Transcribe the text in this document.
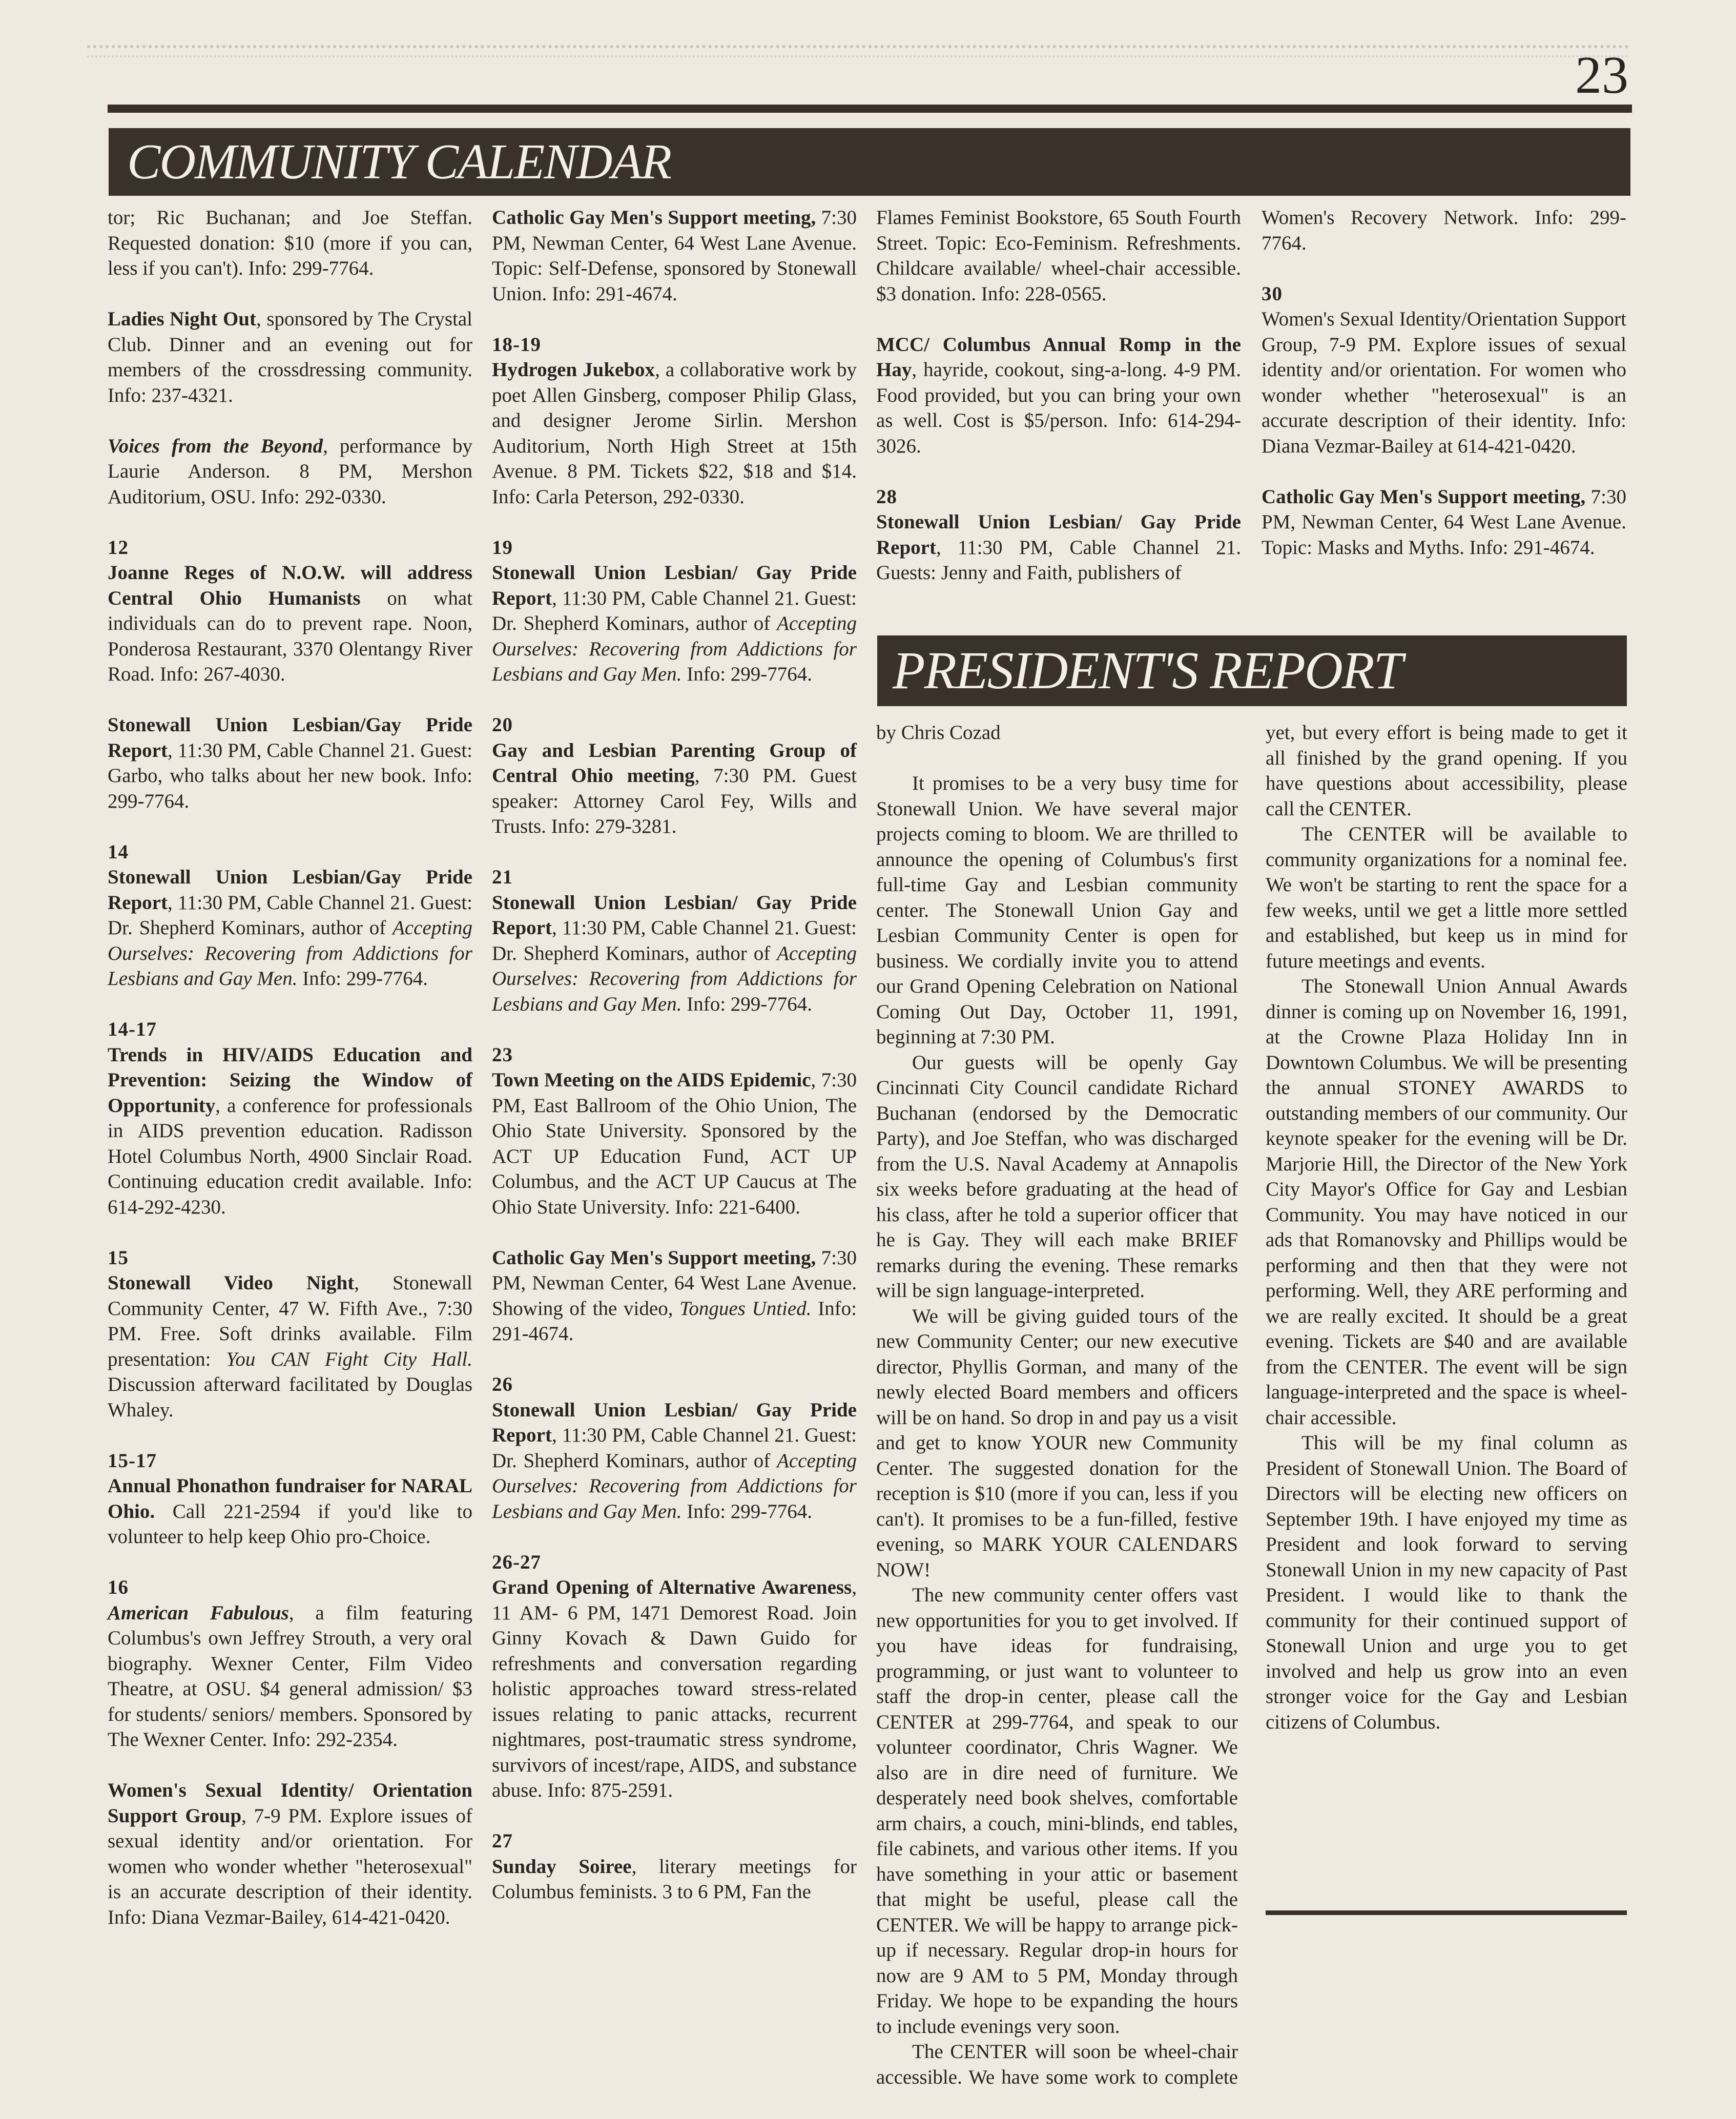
23
COMMUNITY CALENDAR
tor; Ric Buchanan; and Joe Steffan. Requested donation: $10 (more if you can, less if you can't). Info: 299-7764.
Ladies Night Out, sponsored by The Crystal Club. Dinner and an evening out for members of the crossdressing community. Info: 237-4321.
Voices from the Beyond, performance by Laurie Anderson. 8 PM, Mershon Auditorium, OSU. Info: 292-0330.
12
Joanne Reges of N.O.W. will address Central Ohio Humanists on what individuals can do to prevent rape. Noon, Ponderosa Restaurant, 3370 Olentangy River Road. Info: 267-4030.
Stonewall Union Lesbian/Gay Pride Report, 11:30 PM, Cable Channel 21. Guest: Garbo, who talks about her new book. Info: 299-7764.
14
Stonewall Union Lesbian/Gay Pride Report, 11:30 PM, Cable Channel 21. Guest: Dr. Shepherd Kominars, author of Accepting Ourselves: Recovering from Addictions for Lesbians and Gay Men. Info: 299-7764.
14-17
Trends in HIV/AIDS Education and Prevention: Seizing the Window of Opportunity, a conference for professionals in AIDS prevention education. Radisson Hotel Columbus North, 4900 Sinclair Road. Continuing education credit available. Info: 614-292-4230.
15
Stonewall Video Night, Stonewall Community Center, 47 W. Fifth Ave., 7:30 PM. Free. Soft drinks available. Film presentation: You CAN Fight City Hall. Discussion afterward facilitated by Douglas Whaley.
15-17
Annual Phonathon fundraiser for NARAL Ohio. Call 221-2594 if you'd like to volunteer to help keep Ohio pro-Choice.
16
American Fabulous, a film featuring Columbus's own Jeffrey Strouth, a very oral biography. Wexner Center, Film Video Theatre, at OSU. $4 general admission/ $3 for students/ seniors/ members. Sponsored by The Wexner Center. Info: 292-2354.
Women's Sexual Identity/ Orientation Support Group, 7-9 PM. Explore issues of sexual identity and/or orientation. For women who wonder whether "heterosexual" is an accurate description of their identity. Info: Diana Vezmar-Bailey, 614-421-0420.
Catholic Gay Men's Support meeting, 7:30 PM, Newman Center, 64 West Lane Avenue. Topic: Self-Defense, sponsored by Stonewall Union. Info: 291-4674.
18-19
Hydrogen Jukebox, a collaborative work by poet Allen Ginsberg, composer Philip Glass, and designer Jerome Sirlin. Mershon Auditorium, North High Street at 15th Avenue. 8 PM. Tickets $22, $18 and $14. Info: Carla Peterson, 292-0330.
19
Stonewall Union Lesbian/ Gay Pride Report, 11:30 PM, Cable Channel 21. Guest: Dr. Shepherd Kominars, author of Accepting Ourselves: Recovering from Addictions for Lesbians and Gay Men. Info: 299-7764.
20
Gay and Lesbian Parenting Group of Central Ohio meeting, 7:30 PM. Guest speaker: Attorney Carol Fey, Wills and Trusts. Info: 279-3281.
21
Stonewall Union Lesbian/ Gay Pride Report, 11:30 PM, Cable Channel 21. Guest: Dr. Shepherd Kominars, author of Accepting Ourselves: Recovering from Addictions for Lesbians and Gay Men. Info: 299-7764.
23
Town Meeting on the AIDS Epidemic, 7:30 PM, East Ballroom of the Ohio Union, The Ohio State University. Sponsored by the ACT UP Education Fund, ACT UP Columbus, and the ACT UP Caucus at The Ohio State University. Info: 221-6400.
Catholic Gay Men's Support meeting, 7:30 PM, Newman Center, 64 West Lane Avenue. Showing of the video, Tongues Untied. Info: 291-4674.
26
Stonewall Union Lesbian/ Gay Pride Report, 11:30 PM, Cable Channel 21. Guest: Dr. Shepherd Kominars, author of Accepting Ourselves: Recovering from Addictions for Lesbians and Gay Men. Info: 299-7764.
26-27
Grand Opening of Alternative Awareness, 11 AM- 6 PM, 1471 Demorest Road. Join Ginny Kovach & Dawn Guido for refreshments and conversation regarding holistic approaches toward stress-related issues relating to panic attacks, recurrent nightmares, post-traumatic stress syndrome, survivors of incest/rape, AIDS, and substance abuse. Info: 875-2591.
27
Sunday Soiree, literary meetings for Columbus feminists. 3 to 6 PM, Fan the
Flames Feminist Bookstore, 65 South Fourth Street. Topic: Eco-Feminism. Refreshments. Childcare available/ wheel-chair accessible. $3 donation. Info: 228-0565.
MCC/ Columbus Annual Romp in the Hay, hayride, cookout, sing-a-long. 4-9 PM. Food provided, but you can bring your own as well. Cost is $5/person. Info: 614-294-3026.
28
Stonewall Union Lesbian/ Gay Pride Report, 11:30 PM, Cable Channel 21. Guests: Jenny and Faith, publishers of
Women's Recovery Network. Info: 299-7764.
30
Women's Sexual Identity/Orientation Support Group, 7-9 PM. Explore issues of sexual identity and/or orientation. For women who wonder whether "heterosexual" is an accurate description of their identity. Info: Diana Vezmar-Bailey at 614-421-0420.
Catholic Gay Men's Support meeting, 7:30 PM, Newman Center, 64 West Lane Avenue. Topic: Masks and Myths. Info: 291-4674.
PRESIDENT'S REPORT
by Chris Cozad

It promises to be a very busy time for Stonewall Union. We have several major projects coming to bloom. We are thrilled to announce the opening of Columbus's first full-time Gay and Lesbian community center. The Stonewall Union Gay and Lesbian Community Center is open for business. We cordially invite you to attend our Grand Opening Celebration on National Coming Out Day, October 11, 1991, beginning at 7:30 PM.

Our guests will be openly Gay Cincinnati City Council candidate Richard Buchanan (endorsed by the Democratic Party), and Joe Steffan, who was discharged from the U.S. Naval Academy at Annapolis six weeks before graduating at the head of his class, after he told a superior officer that he is Gay. They will each make BRIEF remarks during the evening. These remarks will be sign language-interpreted.

We will be giving guided tours of the new Community Center; our new executive director, Phyllis Gorman, and many of the newly elected Board members and officers will be on hand. So drop in and pay us a visit and get to know YOUR new Community Center. The suggested donation for the reception is $10 (more if you can, less if you can't). It promises to be a fun-filled, festive evening, so MARK YOUR CALENDARS NOW!

The new community center offers vast new opportunities for you to get involved. If you have ideas for fundraising, programming, or just want to volunteer to staff the drop-in center, please call the CENTER at 299-7764, and speak to our volunteer coordinator, Chris Wagner. We also are in dire need of furniture. We desperately need book shelves, comfortable arm chairs, a couch, mini-blinds, end tables, file cabinets, and various other items. If you have something in your attic or basement that might be useful, please call the CENTER. We will be happy to arrange pick-up if necessary. Regular drop-in hours for now are 9 AM to 5 PM, Monday through Friday. We hope to be expanding the hours to include evenings very soon.

The CENTER will soon be wheel-chair accessible. We have some work to complete yet, but every effort is being made to get it all finished by the grand opening. If you have questions about accessibility, please call the CENTER.

The CENTER will be available to community organizations for a nominal fee. We won't be starting to rent the space for a few weeks, until we get a little more settled and established, but keep us in mind for future meetings and events.

The Stonewall Union Annual Awards dinner is coming up on November 16, 1991, at the Crowne Plaza Holiday Inn in Downtown Columbus. We will be presenting the annual STONEY AWARDS to outstanding members of our community. Our keynote speaker for the evening will be Dr. Marjorie Hill, the Director of the New York City Mayor's Office for Gay and Lesbian Community. You may have noticed in our ads that Romanovsky and Phillips would be performing and then that they were not performing. Well, they ARE performing and we are really excited. It should be a great evening. Tickets are $40 and are available from the CENTER. The event will be sign language-interpreted and the space is wheel-chair accessible.

This will be my final column as President of Stonewall Union. The Board of Directors will be electing new officers on September 19th. I have enjoyed my time as President and look forward to serving Stonewall Union in my new capacity of Past President. I would like to thank the community for their continued support of Stonewall Union and urge you to get involved and help us grow into an even stronger voice for the Gay and Lesbian citizens of Columbus.
